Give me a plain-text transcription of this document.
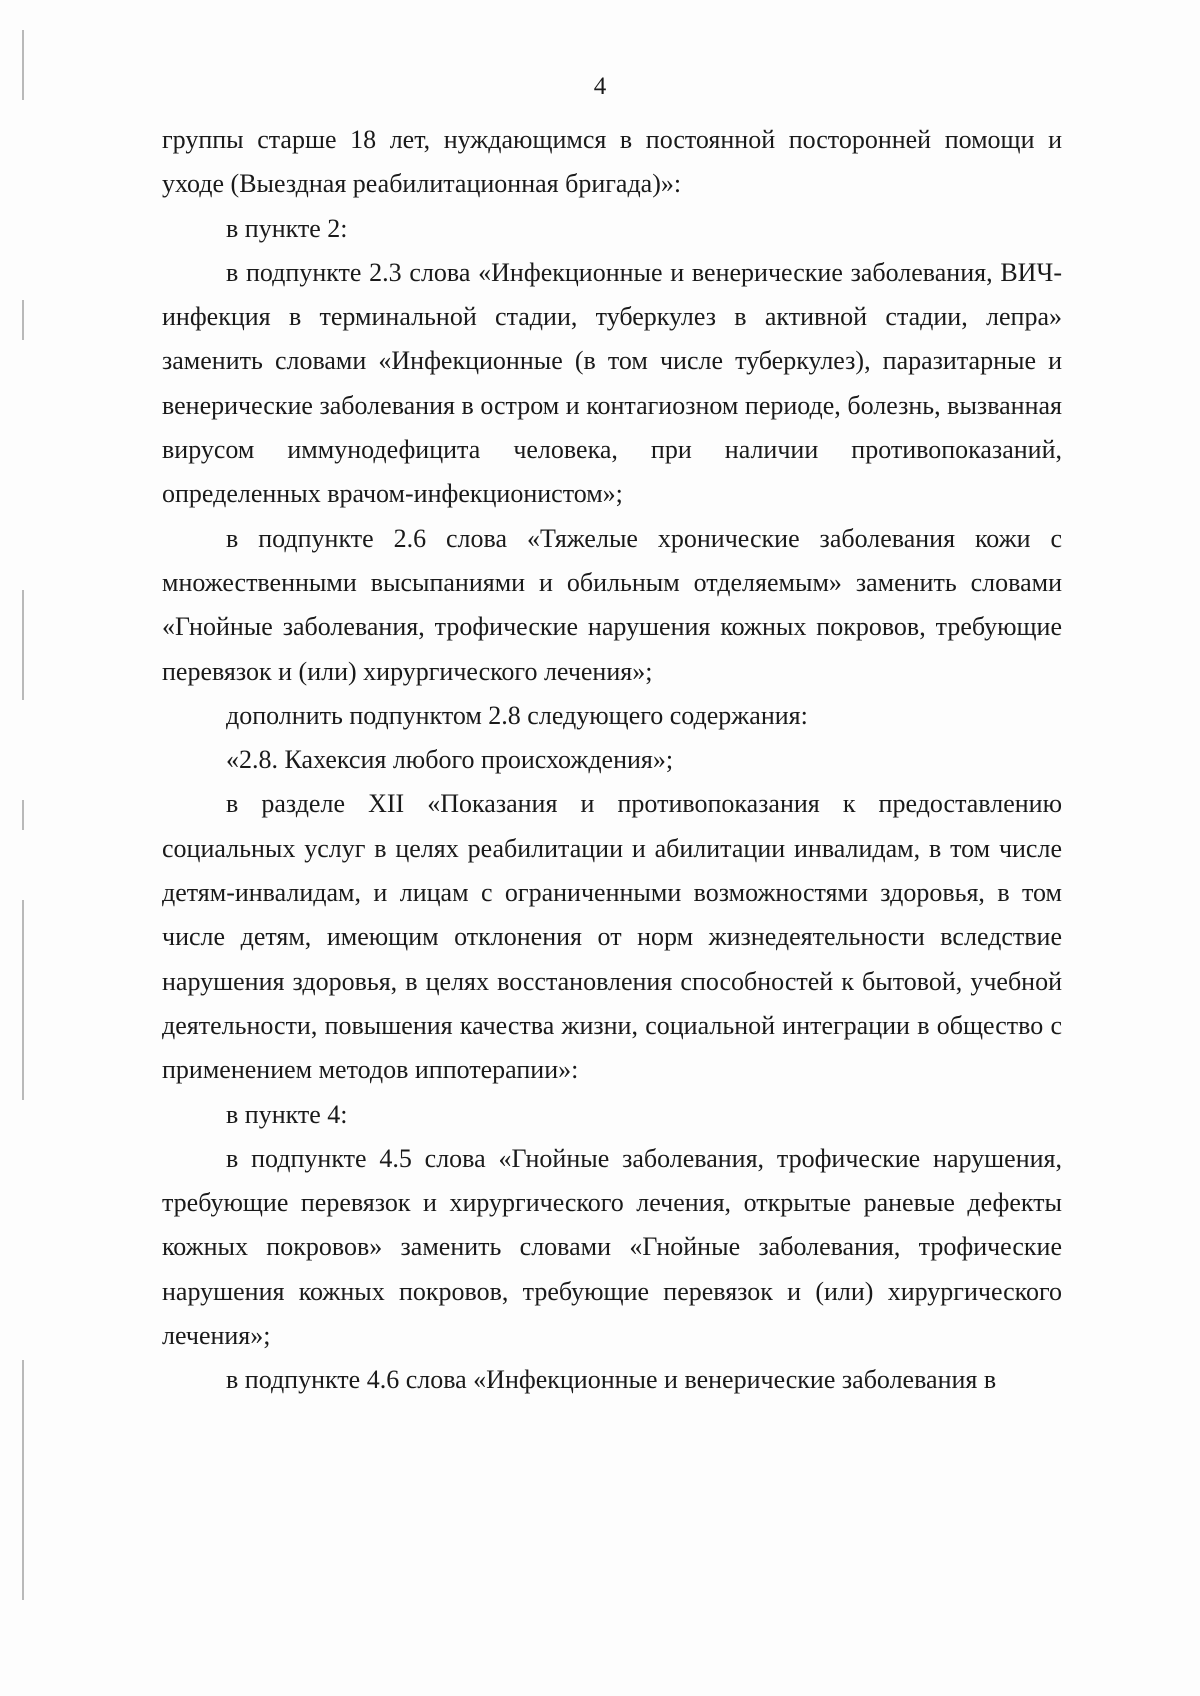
4

группы старше 18 лет, нуждающимся в постоянной посторонней помощи и уходе (Выездная реабилитационная бригада)»:

в пункте 2:

в подпункте 2.3 слова «Инфекционные и венерические заболевания, ВИЧ-инфекция в терминальной стадии, туберкулез в активной стадии, лепра» заменить словами «Инфекционные (в том числе туберкулез), паразитарные и венерические заболевания в остром и контагиозном периоде, болезнь, вызванная вирусом иммунодефицита человека, при наличии противопоказаний, определенных врачом-инфекционистом»;

в подпункте 2.6 слова «Тяжелые хронические заболевания кожи с множественными высыпаниями и обильным отделяемым» заменить словами «Гнойные заболевания, трофические нарушения кожных покровов, требующие перевязок и (или) хирургического лечения»;

дополнить подпунктом 2.8 следующего содержания:

«2.8. Кахексия любого происхождения»;

в разделе XII «Показания и противопоказания к предоставлению социальных услуг в целях реабилитации и абилитации инвалидам, в том числе детям-инвалидам, и лицам с ограниченными возможностями здоровья, в том числе детям, имеющим отклонения от норм жизнедеятельности вследствие нарушения здоровья, в целях восстановления способностей к бытовой, учебной деятельности, повышения качества жизни, социальной интеграции в общество с применением методов иппотерапии»:

в пункте 4:

в подпункте 4.5 слова «Гнойные заболевания, трофические нарушения, требующие перевязок и хирургического лечения, открытые раневые дефекты кожных покровов» заменить словами «Гнойные заболевания, трофические нарушения кожных покровов, требующие перевязок и (или) хирургического лечения»;

в подпункте 4.6 слова «Инфекционные и венерические заболевания в
